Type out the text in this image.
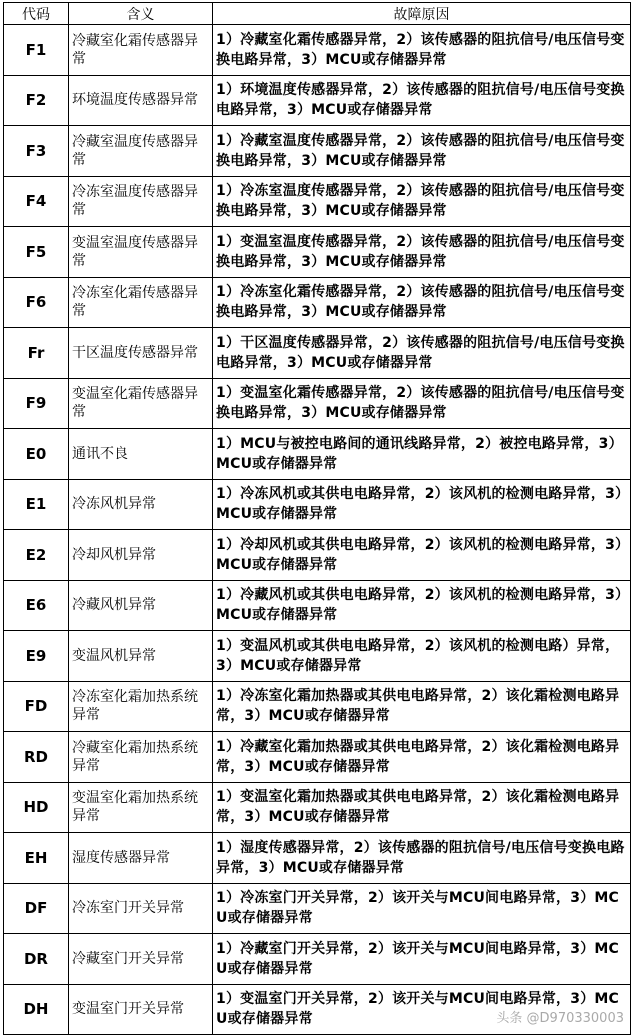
代码	含义	故障原因
F1	冷藏室化霜传感器异常	1）冷藏室化霜传感器异常，2）该传感器的阻抗信号/电压信号变换电路异常，3）MCU或存储器异常
F2	环境温度传感器异常	1）环境温度传感器异常，2）该传感器的阻抗信号/电压信号变换电路异常，3）MCU或存储器异常
F3	冷藏室温度传感器异常	1）冷藏室温度传感器异常，2）该传感器的阻抗信号/电压信号变换电路异常，3）MCU或存储器异常
F4	冷冻室温度传感器异常	1）冷冻室温度传感器异常，2）该传感器的阻抗信号/电压信号变换电路异常，3）MCU或存储器异常
F5	变温室温度传感器异常	1）变温室温度传感器异常，2）该传感器的阻抗信号/电压信号变换电路异常，3）MCU或存储器异常
F6	冷冻室化霜传感器异常	1）冷冻室化霜传感器异常，2）该传感器的阻抗信号/电压信号变换电路异常，3）MCU或存储器异常
Fr	干区温度传感器异常	1）干区温度传感器异常，2）该传感器的阻抗信号/电压信号变换电路异常，3）MCU或存储器异常
F9	变温室化霜传感器异常	1）变温室化霜传感器异常，2）该传感器的阻抗信号/电压信号变换电路异常，3）MCU或存储器异常
E0	通讯不良	1）MCU与被控电路间的通讯线路异常，2）被控电路异常，3）MCU或存储器异常
E1	冷冻风机异常	1）冷冻风机或其供电电路异常，2）该风机的检测电路异常，3）MCU或存储器异常
E2	冷却风机异常	1）冷却风机或其供电电路异常，2）该风机的检测电路异常，3）MCU或存储器异常
E6	冷藏风机异常	1）冷藏风机或其供电电路异常，2）该风机的检测电路异常，3）MCU或存储器异常
E9	变温风机异常	1）变温风机或其供电电路异常，2）该风机的检测电路）异常，3）MCU或存储器异常
FD	冷冻室化霜加热系统异常	1）冷冻室化霜加热器或其供电电路异常，2）该化霜检测电路异常，3）MCU或存储器异常
RD	冷藏室化霜加热系统异常	1）冷藏室化霜加热器或其供电电路异常，2）该化霜检测电路异常，3）MCU或存储器异常
HD	变温室化霜加热系统异常	1）变温室化霜加热器或其供电电路异常，2）该化霜检测电路异常，3）MCU或存储器异常
EH	湿度传感器异常	1）湿度传感器异常，2）该传感器的阻抗信号/电压信号变换电路异常，3）MCU或存储器异常
DF	冷冻室门开关异常	1）冷冻室门开关异常，2）该开关与MCU间电路异常，3）MCU或存储器异常
DR	冷藏室门开关异常	1）冷藏室门开关异常，2）该开关与MCU间电路异常，3）MCU或存储器异常
DH	变温室门开关异常	1）变温室门开关异常，2）该开关与MCU间电路异常，3）MCU或存储器异常	头条 @D970330003
